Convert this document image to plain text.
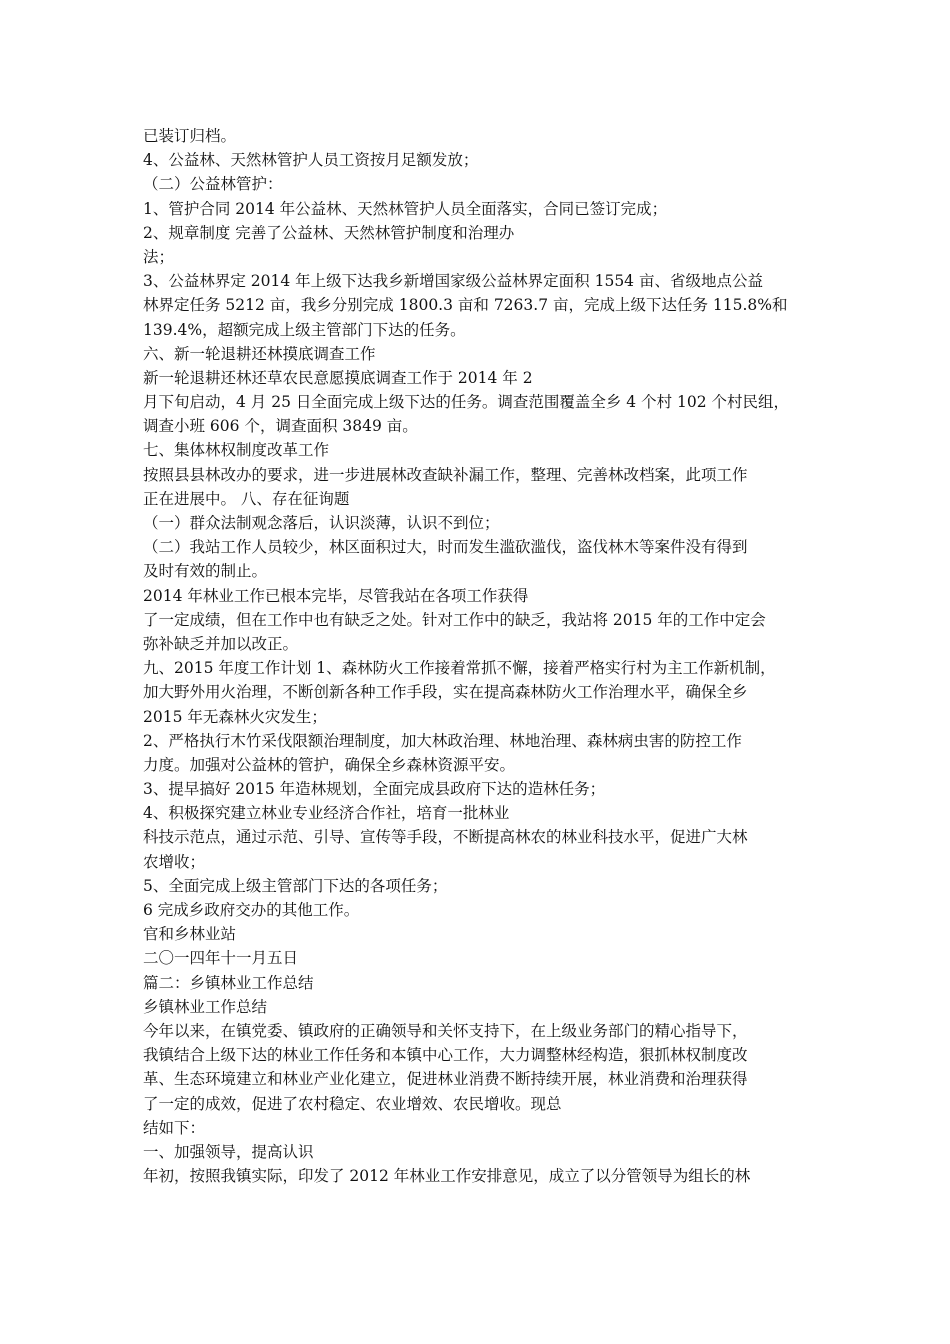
已装订归档。
4、公益林、天然林管护人员工资按月足额发放；
（二）公益林管护：
1、管护合同 2014 年公益林、天然林管护人员全面落实，合同已签订完成；
2、规章制度 完善了公益林、天然林管护制度和治理办
法；
3、公益林界定 2014 年上级下达我乡新增国家级公益林界定面积 1554 亩、省级地点公益
林界定任务 5212 亩，我乡分别完成 1800.3 亩和 7263.7 亩，完成上级下达任务 115.8%和
139.4%，超额完成上级主管部门下达的任务。
六、新一轮退耕还林摸底调查工作
新一轮退耕还林还草农民意愿摸底调查工作于 2014 年 2
月下旬启动，4 月 25 日全面完成上级下达的任务。调查范围覆盖全乡 4 个村 102 个村民组，
调查小班 606 个，调查面积 3849 亩。
七、集体林权制度改革工作
按照县县林改办的要求，进一步进展林改查缺补漏工作，整理、完善林改档案，此项工作
正在进展中。 八、存在征询题
（一）群众法制观念落后，认识淡薄，认识不到位；
（二）我站工作人员较少，林区面积过大，时而发生滥砍滥伐，盗伐林木等案件没有得到
及时有效的制止。
2014 年林业工作已根本完毕，尽管我站在各项工作获得
了一定成绩，但在工作中也有缺乏之处。针对工作中的缺乏，我站将 2015 年的工作中定会
弥补缺乏并加以改正。
九、2015 年度工作计划 1、森林防火工作接着常抓不懈，接着严格实行村为主工作新机制，
加大野外用火治理，不断创新各种工作手段，实在提高森林防火工作治理水平，确保全乡
2015 年无森林火灾发生；
2、严格执行木竹采伐限额治理制度，加大林政治理、林地治理、森林病虫害的防控工作
力度。加强对公益林的管护，确保全乡森林资源平安。
3、提早搞好 2015 年造林规划，全面完成县政府下达的造林任务；
4、积极探究建立林业专业经济合作社，培育一批林业
科技示范点，通过示范、引导、宣传等手段，不断提高林农的林业科技水平，促进广大林
农增收；
5、全面完成上级主管部门下达的各项任务；
6 完成乡政府交办的其他工作。
官和乡林业站
二〇一四年十一月五日
篇二：乡镇林业工作总结
乡镇林业工作总结
今年以来，在镇党委、镇政府的正确领导和关怀支持下，在上级业务部门的精心指导下，
我镇结合上级下达的林业工作任务和本镇中心工作，大力调整林经构造，狠抓林权制度改
革、生态环境建立和林业产业化建立，促进林业消费不断持续开展，林业消费和治理获得
了一定的成效，促进了农村稳定、农业增效、农民增收。现总
结如下：
一、加强领导，提高认识
年初，按照我镇实际，印发了 2012 年林业工作安排意见，成立了以分管领导为组长的林
